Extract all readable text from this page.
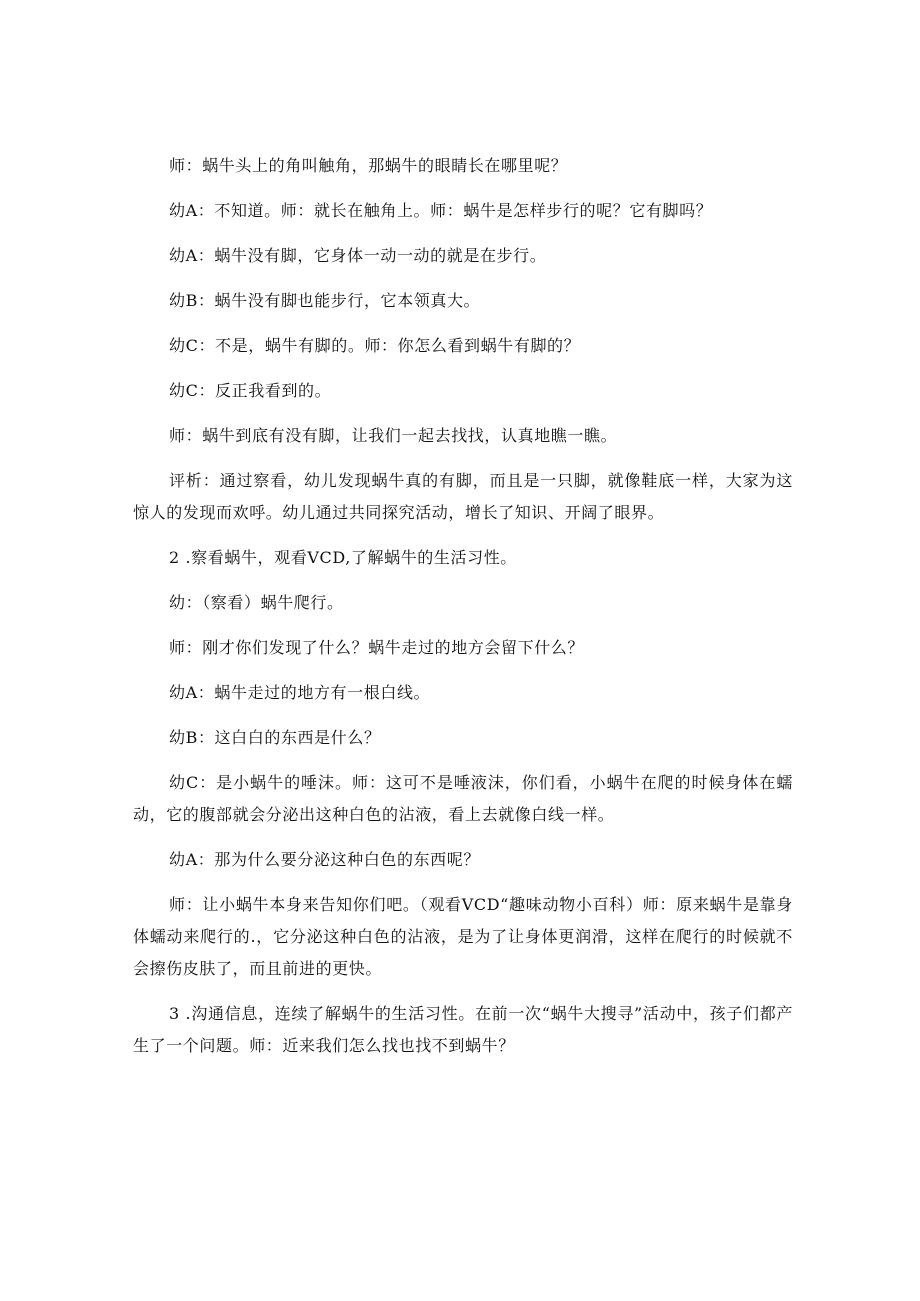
师：蜗牛头上的角叫触角，那蜗牛的眼睛长在哪里呢？

幼A：不知道。师：就长在触角上。师：蜗牛是怎样步行的呢？它有脚吗？

幼A：蜗牛没有脚，它身体一动一动的就是在步行。

幼B：蜗牛没有脚也能步行，它本领真大。

幼C：不是，蜗牛有脚的。师：你怎么看到蜗牛有脚的？

幼C：反正我看到的。

师：蜗牛到底有没有脚，让我们一起去找找，认真地瞧一瞧。

评析：通过察看，幼儿发现蜗牛真的有脚，而且是一只脚，就像鞋底一样，大家为这惊人的发现而欢呼。幼儿通过共同探究活动，增长了知识、开阔了眼界。

2 .察看蜗牛，观看VCD,了解蜗牛的生活习性。

幼：（察看）蜗牛爬行。

师：刚才你们发现了什么？蜗牛走过的地方会留下什么？

幼A：蜗牛走过的地方有一根白线。

幼B：这白白的东西是什么？

幼C：是小蜗牛的唾沫。师：这可不是唾液沫，你们看，小蜗牛在爬的时候身体在蠕动，它的腹部就会分泌出这种白色的沾液，看上去就像白线一样。

幼A：那为什么要分泌这种白色的东西呢？

师：让小蜗牛本身来告知你们吧。（观看VCD“趣味动物小百科）师：原来蜗牛是靠身体蠕动来爬行的.，它分泌这种白色的沾液，是为了让身体更润滑，这样在爬行的时候就不会擦伤皮肤了，而且前进的更快。

3 .沟通信息，连续了解蜗牛的生活习性。在前一次“蜗牛大搜寻”活动中，孩子们都产生了一个问题。师：近来我们怎么找也找不到蜗牛？
